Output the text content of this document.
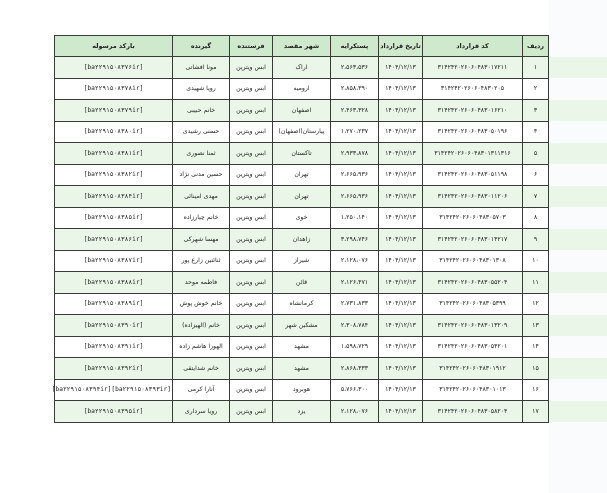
ردیف	کد قرارداد	تاریخ قرارداد	پستکرایه	شهر مقصد	فرستنده	گیرنده	بارکد مرسوله
۱	۳۱۴۲۴۲۰۲۶۰۶۰۴۸۳۰۱۷۲۱۱	۱۴۰۴/۱۲/۱۳	۲،۵۶۳،۵۳۶	اراک	ابس ویترین	مونا افشاتی	[ba۲۲۹۱۵۰۸۳۷۶ir]
۲	۳۱۴۲۴۲۰۲۶۰۶۰۴۸۳۰۲۰۵	۱۴۰۴/۱۲/۱۳	۲،۸۵۸،۳۹۰	ارومیه	ابس ویترین	رویا شهیدی	[ba۲۲۹۱۵۰۸۳۷۸ir]
۳	۳۱۴۲۴۲۰۲۶۰۶۰۴۸۳۰۱۶۲۱۰	۱۴۰۴/۱۲/۱۳	۲،۴۶۳،۳۲۸	اصفهان	ابس ویترین	خانم حبیبی	[ba۲۲۹۱۵۰۸۳۷۹ir]
۴	۳۱۴۲۴۲۰۲۶۰۶۰۴۸۳۰۵۰۱۹۶	۱۴۰۴/۱۲/۱۳	۱،۲۷۰،۲۳۷	پیارستان(اصفهان)	ابس ویترین	حسنی رشیدی	[ba۲۲۹۱۵۰۸۳۸۰ir]
۵	۳۱۴۲۴۲۰۲۶۰۶۰۴۸۳۰۱۳۱۱۳۱۶	۱۴۰۴/۱۲/۱۳	۲،۹۳۳،۸۷۸	تاکستان	ابس ویترین	ثمنا نصوری	[ba۲۲۹۱۵۰۸۳۸۱ir]
۶	۳۱۴۲۴۲۰۲۶۰۶۰۴۸۳۰۵۱۱۹۸	۱۴۰۴/۱۲/۱۳	۲،۶۶۵،۹۳۶	تهران	ابس ویترین	حسین مدنی نژاد	[ba۲۲۹۱۵۰۸۳۸۲ir]
۷	۳۱۴۲۴۲۰۲۶۰۶۰۴۸۳۰۱۱۲۰۶	۱۴۰۴/۱۲/۱۳	۲،۶۶۵،۹۳۶	تهران	ابس ویترین	مهدی امینائی	[ba۲۲۹۱۵۰۸۳۸۴ir]
۸	۳۱۴۲۴۲۰۲۶۰۶۰۴۸۳۰۵۷۰۳	۱۴۰۴/۱۲/۱۳	۱،۲۵۰،۱۴۰	خوی	ابس ویترین	خانم چیارزاده	[ba۲۲۹۱۵۰۸۳۸۵ir]
۹	۳۱۴۲۴۲۰۲۶۰۶۰۴۸۳۰۱۴۲۱۷	۱۴۰۴/۱۲/۱۳	۳،۲۹۸،۷۴۶	زاهدان	ابس ویترین	مهسا شهرکی	[ba۲۲۹۱۵۰۸۳۸۶ir]
۱۰	۳۱۴۲۴۲۰۲۶۰۶۰۴۸۳۰۱۳۰۸	۱۴۰۴/۱۲/۱۳	۲،۱۲۸،۰۷۶	شیراز	ابس ویترین	ثنائتین زارع پور	[ba۲۲۹۱۵۰۸۳۸۷ir]
۱۱	۳۱۴۲۴۲۰۲۶۰۶۰۴۸۳۰۵۵۲۰۴	۱۴۰۴/۱۲/۱۳	۲،۱۲۶،۴۷۱	قائن	ابس ویترین	فاطمه موحد	[ba۲۲۹۱۵۰۸۳۸۸ir]
۱۲	۳۱۴۲۴۲۰۲۶۰۶۰۴۸۳۰۵۳۹۹	۱۴۰۴/۱۲/۱۳	۲،۷۳۱،۸۳۳	کرمانشاه	ابس ویترین	خانم خوش پوش	[ba۲۲۹۱۵۰۸۳۸۹ir]
۱۳	۳۱۴۲۴۲۰۲۶۰۶۰۴۸۳۰۱۳۲۰۹	۱۴۰۴/۱۲/۱۳	۲،۳۰۸،۷۸۴	مشکین شهر	ابس ویترین	خانم (الهیزاده)	[ba۲۲۹۱۵۰۸۳۹۰ir]
۱۴	۳۱۴۲۴۲۰۲۶۰۶۰۴۸۳۰۵۴۲۰۱	۱۴۰۴/۱۲/۱۳	۱،۵۹۸،۷۲۹	مشهد	ابس ویترین	الهورا هاشم زاده	[ba۲۲۹۱۵۰۸۳۹۱ir]
۱۵	۳۱۴۲۴۲۰۲۶۰۶۰۴۸۳۰۱۹۱۲	۱۴۰۴/۱۲/۱۳	۲،۸۶۸،۳۳۳	مشهد	ابس ویترین	خانم شدایتقی	[ba۲۲۹۱۵۰۸۳۹۲ir]
۱۶	۳۱۴۲۴۲۰۲۶۰۶۰۴۸۳۰۱۰۱۳	۱۴۰۴/۱۲/۱۳	۵،۷۶۶،۳۰۰	هوبرود	ابس ویترین	آنارا کرمی	[ba۲۲۹۱۵۰۸۳۹۳ir][ba۲۲۹۱۵۰۸۳۹۴ir]
۱۷	۳۱۴۲۴۲۰۲۶۰۶۰۴۸۳۰۵۸۲۰۴	۱۴۰۴/۱۲/۱۳	۲،۱۲۸،۰۷۶	یزد	ابس ویترین	رویا سرداری	[ba۲۲۹۱۵۰۸۳۹۵ir]
